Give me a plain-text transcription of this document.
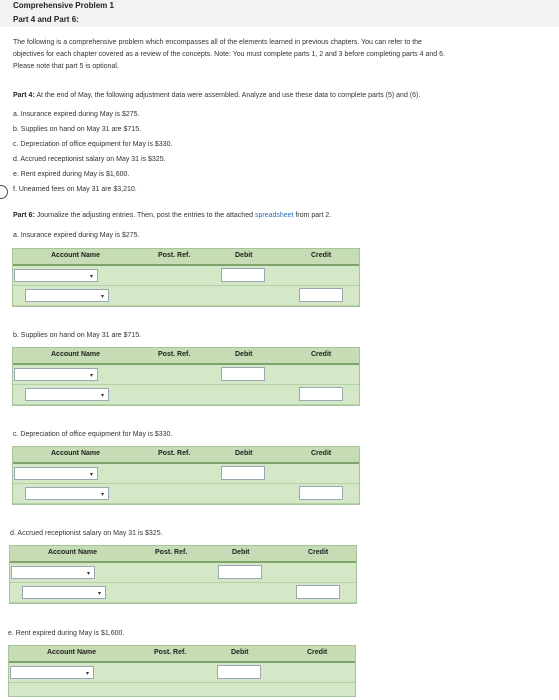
Comprehensive Problem 1
Part 4 and Part 6:

The following is a comprehensive problem which encompasses all of the elements learned in previous chapters. You can refer to the

objectives for each chapter covered as a review of the concepts. Note: You must complete parts 1, 2 and 3 before completing parts 4 and 6.

Please note that part 5 is optional.

Part 4: At the end of May, the following adjustment data were assembled. Analyze and use these data to complete parts (5) and (6).
a. Insurance expired during May is $275.
b. Supplies on hand on May 31 are $715.
c. Depreciation of office equipment for May is $330.
d. Accrued receptionist salary on May 31 is $325.
e. Rent expired during May is $1,600.
f. Unearned fees on May 31 are $3,210.
Part 6: Journalize the adjusting entries. Then, post the entries to the attached spreadsheet from part 2.
a. Insurance expired during May is $275.
Account Name	Post. Ref.	Debit	Credit
▾
▾
b. Supplies on hand on May 31 are $715.
Account Name	Post. Ref.	Debit	Credit
▾
▾
c. Depreciation of office equipment for May is $330.
Account Name	Post. Ref.	Debit	Credit
▾
▾
d. Accrued receptionist salary on May 31 is $325.
Account Name	Post. Ref.	Debit	Credit
▾
▾
e. Rent expired during May is $1,600.
Account Name	Post. Ref.	Debit	Credit
▾
